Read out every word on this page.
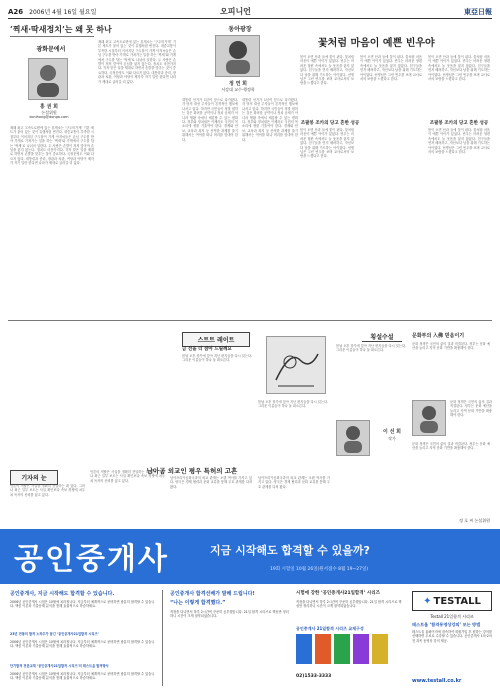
A26 2006년 4월 16일 월요일	오피니언	東亞日報
‘찍새·딱새정치’는 왜 못 하나
광화문에서
홍 권 희
논설위원
konihong@donga.com
재래 최고 고속도로변에 있는 휴게소는 ‘구두미가게’ 기본 세트가 붙어 있는 것이 유행처럼 번진다. 대중교통이 부족한 시절부터 이어지던 구두닦이 가게 아저씨들은 손님 구두를 받아 가게로 가져가는 일을 하는 ‘찍새’와 가게에서 구두를 닦는 ‘딱새’로 나뉘어 일한다. 두 사람은 손발이 척척 맞아야 손님을 잃지 않는다. 정치도 마찬가지다. 각자 맡은 일을 제대로 하면서 손발을 맞추는 것이 중요하다. 국정운영도 이와 다르지 않다. 대통령과 총리, 장관과 차관, 여당과 야당이 제각각 자기 일만 한다면 나라가 제대로 굴러갈 리 없다.
재래 최고 고속도로변에 있는 휴게소는 ‘구두미가게’ 기본 세트가 붙어 있는 것이 유행처럼 번진다. 대중교통이 부족한 시절부터 이어지던 구두닦이 가게 아저씨들은 손님 구두를 받아 가게로 가져가는 일을 하는 ‘찍새’와 가게에서 구두를 닦는 ‘딱새’로 나뉘어 일한다. 두 사람은 손발이 척척 맞아야 손님을 잃지 않는다. 정치도 마찬가지다. 각자 맡은 일을 제대로 하면서 손발을 맞추는 것이 중요하다. 국정운영도 이와 다르지 않다. 대통령과 총리, 장관과 차관, 여당과 야당이 제각각 자기 일만 한다면 나라가 제대로 굴러갈 리 없다.
동아광장
정 연 희
서강대 교수·행정학
대통령 선거가 1년여 앞으로 다가왔다. 각 당의 대선 주자들이 본격적인 행보에 나서고 있다. 하지만 국민들이 정말 원하는 것은 화려한 공약이나 정치 공세가 아니라 생활 속에서 체감할 수 있는 변화다. 정부와 정치권은 이제라도 국민의 목소리에 귀를 기울여야 한다. 경제와 안보, 교육과 복지 등 산적한 과제를 풀기 위해서는 여야를 떠나 머리를 맞대야 한다.
대통령 선거가 1년여 앞으로 다가왔다. 각 당의 대선 주자들이 본격적인 행보에 나서고 있다. 하지만 국민들이 정말 원하는 것은 화려한 공약이나 정치 공세가 아니라 생활 속에서 체감할 수 있는 변화다. 정부와 정치권은 이제라도 국민의 목소리에 귀를 기울여야 한다. 경제와 안보, 교육과 복지 등 산적한 과제를 풀기 위해서는 여야를 떠나 머리를 맞대야 한다.
꽃처럼 마음이 예쁜 빈우야
봄이 오면 산과 들에 꽃이 핀다. 꽃처럼 마음이 예쁜 아이가 있었다. 빈우는 어려운 형편 속에서도 늘 웃음을 잃지 않았다. 친구들을 먼저 배려하고, 자신보다 남을 위해 기도하는 아이였다. 선생님은 그런 빈우를 보며 교사로서의 보람을 느꼈다고 한다.
봄이 오면 산과 들에 꽃이 핀다. 꽃처럼 마음이 예쁜 아이가 있었다. 빈우는 어려운 형편 속에서도 늘 웃음을 잃지 않았다. 친구들을 먼저 배려하고, 자신보다 남을 위해 기도하는 아이였다. 선생님은 그런 빈우를 보며 교사로서의 보람을 느꼈다고 한다.
봄이 오면 산과 들에 꽃이 핀다. 꽃처럼 마음이 예쁜 아이가 있었다. 빈우는 어려운 형편 속에서도 늘 웃음을 잃지 않았다. 친구들을 먼저 배려하고, 자신보다 남을 위해 기도하는 아이였다. 선생님은 그런 빈우를 보며 교사로서의 보람을 느꼈다고 한다.
조팔봉 조카의 당고 흔한 성공
봄이 오면 산과 들에 꽃이 핀다. 꽃처럼 마음이 예쁜 아이가 있었다. 빈우는 어려운 형편 속에서도 늘 웃음을 잃지 않았다. 친구들을 먼저 배려하고, 자신보다 남을 위해 기도하는 아이였다. 선생님은 그런 빈우를 보며 교사로서의 보람을 느꼈다고 한다.
조팔봉 조카의 당고 흔한 성공
봄이 오면 산과 들에 꽃이 핀다. 꽃처럼 마음이 예쁜 아이가 있었다. 빈우는 어려운 형편 속에서도 늘 웃음을 잃지 않았다. 친구들을 먼저 배려하고, 자신보다 남을 위해 기도하는 아이였다. 선생님은 그런 빈우를 보며 교사로서의 보람을 느꼈다고 한다.
스트트 레이트
금 선을 더 참아 드릴께요
봄날 오후 창가에 앉아 지난 편지들을 다시 읽는다. 그리운 이름들이 하나 둘 떠오른다.
봄날 오후 창가에 앉아 지난 편지들을 다시 읽는다. 그리운 이름들이 하나 둘 떠오른다.
이 선 희
작가
봄날 오후 창가에 앉아 지난 편지들을 다시 읽는다. 그리운 이름들이 하나 둘 떠오른다.
횡설수설	문화부의 入佛 믿음이기
문화 정책은 국민의 삶의 질과 직결된다. 정부는 문화 예산을 늘리고 지역 문화 기반을 확충해야 한다.
문화 정책은 국민의 삶의 질과 직결된다. 정부는 문화 예산을 늘리고 지역 문화 기반을 확충해야 한다.
문화 정책은 국민의 삶의 질과 직결된다. 정부는 문화 예산을 늘리고 지역 문화 기반을 확충해야 한다.
정 호 씨 논설위원
기자의 눈
언론의 역할은 사실을 정확히 전달하는 데 있다. 그러나 최근 일부 보도는 사실 확인보다 속보 경쟁에 치우쳐 독자의 신뢰를 잃고 있다.
언론의 역할은 사실을 정확히 전달하는 데 있다. 그러나 최근 일부 보도는 사실 확인보다 속보 경쟁에 치우쳐 독자의 신뢰를 잃고 있다.
남아공 외교인 평우 특허의 고흔
남아프리카공화국과의 외교 관계는 오랜 역사를 가지고 있다. 양국은 경제 협력과 문화 교류를 통해 우호 관계를 다져 왔다.
남아프리카공화국과의 외교 관계는 오랜 역사를 가지고 있다. 양국은 경제 협력과 문화 교류를 통해 우호 관계를 다져 왔다.
공인중개사	지금 시작해도 합격할 수 있을까?
19회 시험일 10월 26일(원서접수 8월 19~27일)
공인중개사, 지금 시작해도 합격할 수 있습니다.
2006년 공인중개사 시험은 10월에 치러집니다. 지금부터 체계적으로 준비하면 충분히 합격할 수 있습니다. 핵심 이론과 기출문제 분석을 통해 효율적으로 학습하세요.
23년 전통의 합격 노하우가 담긴 ‘공인중개사21일합격 시리즈’
2006년 공인중개사 시험은 10월에 치러집니다. 지금부터 체계적으로 준비하면 충분히 합격할 수 있습니다. 핵심 이론과 기출문제 분석을 통해 효율적으로 학습하세요.
단기합격 전문교재 ‘공인중개사21일합격 시리즈’의 테스트올 합격방식
2006년 공인중개사 시험은 10월에 치러집니다. 지금부터 체계적으로 준비하면 충분히 합격할 수 있습니다. 핵심 이론과 기출문제 분석을 통해 효율적으로 학습하세요.
공인중개사 합격선배가 말해 드립니다!
“나는 이렇게 합격했다.”
직장을 다니면서 하루 2시간씩 꾸준히 공부했습니다. 21일 합격 시리즈로 핵심만 정리하니 시간이 크게 절약되었습니다.
시험에 강한 ‘공인중개사21일합격’ 시리즈
직장을 다니면서 하루 2시간씩 꾸준히 공부했습니다. 21일 합격 시리즈로 핵심만 정리하니 시간이 크게 절약되었습니다.
공인중개사 21일합격 시리즈 교재구성
02)1533-3333
✦ TESTALL
Testall 21일합격 시리즈
테스트올 ‘합격동영상강의’ 보는 방법
테스트올 홈페이지에 접속하여 회원가입 후 원하는 강의를 선택하면 무료로 수강할 수 있습니다. 공인중개사 1차·2차 전 과목 동영상 강의 제공.
www.testall.co.kr
